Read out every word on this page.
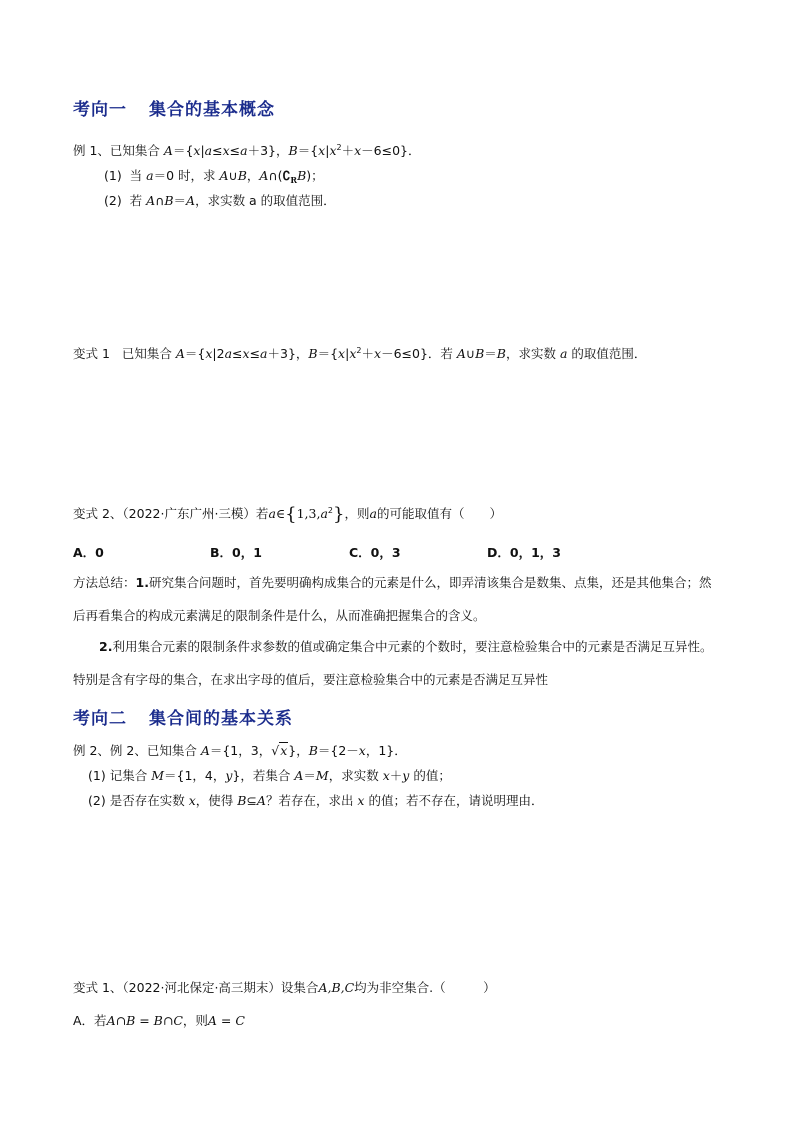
考向一 集合的基本概念
例 1、已知集合 A＝{x|a≤x≤a＋3}，$B=\{x|x^2+x-6\le 0\}$．
(1) 当 a＝0 时，求 A∪B，$A\cap(∁_RB)$；
(2) 若 A∩B＝A，求实数 a 的取值范围．
变式 1 已知集合 A＝{x|2a≤x≤a＋3}，$B=\{x|x^2+x-6\le 0\}$．若 A∪B＝B，求实数 a 的取值范围．
变式 2、（2022·广东广州·三模）若$a\in\{1,3,a^2\}$，则a的可能取值有（　　）
A．0	B．0，1	C．0，3	D．0，1，3
方法总结：1.研究集合问题时，首先要明确构成集合的元素是什么，即弄清该集合是数集、点集，还是其他集合；然后再看集合的构成元素满足的限制条件是什么，从而准确把握集合的含义。
2.利用集合元素的限制条件求参数的值或确定集合中元素的个数时，要注意检验集合中的元素是否满足互异性。特别是含有字母的集合，在求出字母的值后，要注意检验集合中的元素是否满足互异性
考向二 集合间的基本关系
例 2、例 2、已知集合 A＝{1，3，√x}，B＝{2－x，1}．
(1) 记集合 M＝{1，4，y}，若集合 A＝M，求实数 x＋y 的值；
(2) 是否存在实数 x，使得 B⊆A？若存在，求出 x 的值；若不存在，请说明理由．
变式 1、（2022·河北保定·高三期末）设集合A,B,C均为非空集合.（　　　）
A．若A∩B = B∩C，则A = C
